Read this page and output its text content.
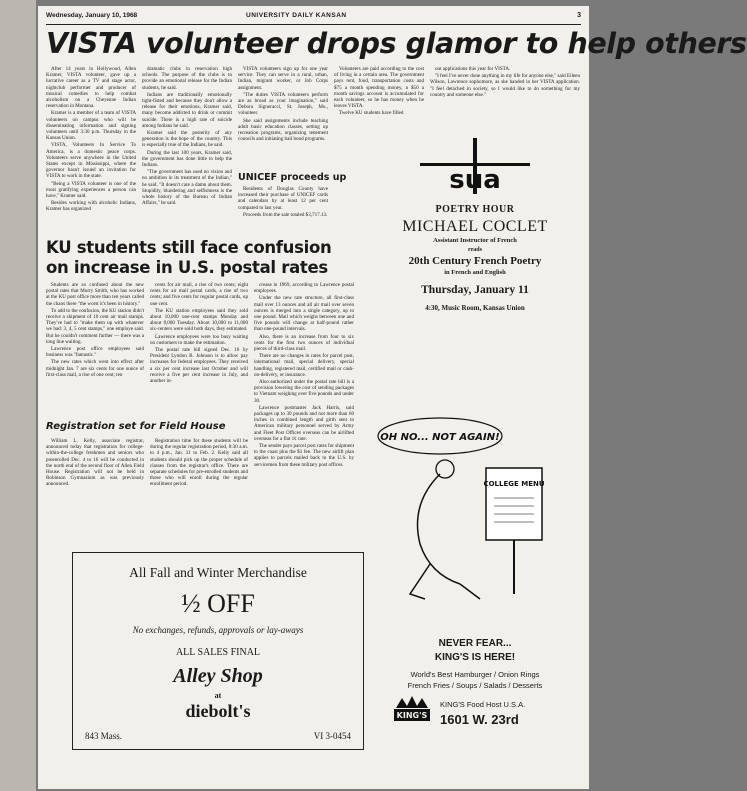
Wednesday, January 10, 1968	UNIVERSITY DAILY KANSAN	3
VISTA volunteer drops glamor to help others

After 14 years in Hollywood, Allen Kramer, VISTA volunteer, gave up a lucrative career as a TV and stage actor, nightclub performer and producer of musical comedies to help combat alcoholism on a Cheyenne Indian reservation in Montana.

Kramer is a member of a team of VISTA volunteers on campus who will be disseminating information and signing volunteers until 3:30 p.m. Thursday in the Kansas Union.

VISTA, Volunteers In Service To America, is a domestic peace corps. Volunteers serve anywhere in the United States except in Mississippi, where the governor hasn't issued an invitation for VISTA to work in the state.

"Being a VISTA volunteer is one of the most gratifying experiences a person can have," Kramer said.

Besides working with alcoholic Indians, Kramer has organized

dramatic clubs in reservation high schools. The purpose of the clubs is to provide an emotional release for the Indian students, he said.

Indians are traditionally emotionally tight-fisted and because they don't allow a release for their emotions, Kramer said, many become addicted to drink or commit suicide. There is a high rate of suicide among Indians he said.

Kramer said the posterity of any generation is the hope of the country. This is especially true of the Indians, he said.

During the last 100 years, Kramer said, the government has done little to help the Indians.

"The government has used no vision and no ambition in its treatment of the Indian," he said. "It doesn't care a damn about them. Stupidity, blundering and selfishness is the whole history of the Bureau of Indian Affairs," he said.

VISTA volunteers sign up for one year service. They can serve in a rural, urban, Indian, migrant worker, or Job Corps assignment.

"The duties VISTA volunteers perform are as broad as your imagination," said Debora Signoracci, St. Joseph, Mo., volunteer.

She said assignments include teaching adult basic education classes, setting up recreation programs, organizing tenement councils and initiating bail bond programs.

Volunteers are paid according to the cost of living in a certain area. The government pays rent, food, transportation costs and $75 a month spending money, a $50 a month savings account is accumulated for each volunteer, so he has money when he leaves VISTA.

Twelve KU students have filled

out applications this year for VISTA.

"I feel I've never done anything in my life for anyone else," said Eileen Wilson, Lawrence sophomore, as she handed in her VISTA application. "I feel detached in society, so I would like to do something for my country and someone else."

UNICEF proceeds up

Residents of Douglas County have increased their purchase of UNICEF cards and calendars by at least 12 per cent compared to last year.

Proceeds from the sale totaled $3,717.13.

sua
POETRY HOUR
MICHAEL COCLET
Assistant Instructor of French
reads
20th Century French Poetry
in French and English
Thursday, January 11
4:30, Music Room, Kansas Union
KU students still face confusion
on increase in U.S. postal rates

Students are so confused about the new postal rates that Murry Smith, who has worked at the KU post office more than ten years called the chaos there "the worst it's been in history."

To add to the confusion, the KU station didn't receive a shipment of 10 cent air mail stamps. They've had to "make them up with whatever we had: 3, 4, 5 cent stamps," one employe said. But he couldn't comment further — there was a long line waiting.

Lawrence post office employees said business was "fantastic."

The new rates which went into effect after midnight Jan. 7 are six cents for one ounce of first-class mail, a rise of one cent; ten

cents for air mail, a rise of two cents; eight cents for air mail postal cards, a rise of two cents; and five cents for regular postal cards, up one cent.

The KU station employees said they sold about 10,000 one-cent stamps Monday and about 8,000 Tuesday. About 10,000 to 11,000 six-centers were sold both days, they estimated.

Lawrence employees were too busy waiting on customers to make the estimation.

The postal rate bill signed Dec. 16 by President Lyndon B. Johnson is to allow pay increases for federal employees. They received a six per cent increase last October and will receive a five per cent increase in July, and another in-

crease in 1969, according to Lawrence postal employees.

Under the new rate structure, all first-class mail over 13 ounces and all air mail over seven ounces is merged into a single category, up to one pound. Mail which weighs between one and five pounds will change at half-pound rather than one-pound intervals.

Also, there is an increase from four to six cents for the first two ounces of individual pieces of third-class mail.

There are no changes in rates for parcel post, international mail, special delivery, special handling, registered mail, certified mail or cash-on-delivery, or insurance.

Also authorized under the postal rate bill is a provision lowering the cost of sending packages to Vietnam weighing over five pounds and under 30.

Lawrence postmaster Jack Harris, said packages up to 30 pounds and not more than 60 inches in combined length and girth sent to American military personnel served by Army and Fleet Post Offices overseas can be airlifted overseas for a flat 1¢ rate.

The sender pays parcel post rates for shipment to the coast plus the $1 fee. The new airlift plan applies to parcels mailed back to the U.S. by servicemen from these military post offices.

Registration set for Field House

William L. Kelly, associate registrar, announced today that registration for college-within-the-college freshmen and seniors who preenrolled Dec. 4 to 16 will be conducted in the north end of the second floor of Allen Field House. Registration will not be held in Robinson Gymnasium as was previously announced.

Registration time for these students will be during the regular registration period, 8:30 a.m. to 4 p.m., Jan. 31 to Feb. 2. Kelly said all students should pick up the proper schedule of classes from the registrar's office. There are separate schedules for pre-enrolled students and those who will enroll during the regular enrollment period.

OH NO... NOT AGAIN!
COLLEGE MENU
NEVER FEAR...
KING'S IS HERE!
World's Best Hamburger / Onion Rings
French Fries / Soups / Salads / Desserts
KING'S
KING'S Food Host U.S.A.
1601 W. 23rd
All Fall and Winter Merchandise
½ OFF
No exchanges, refunds, approvals or lay-aways
ALL SALES FINAL
Alley Shop
at
diebolt's
843 Mass.	VI 3-0454
